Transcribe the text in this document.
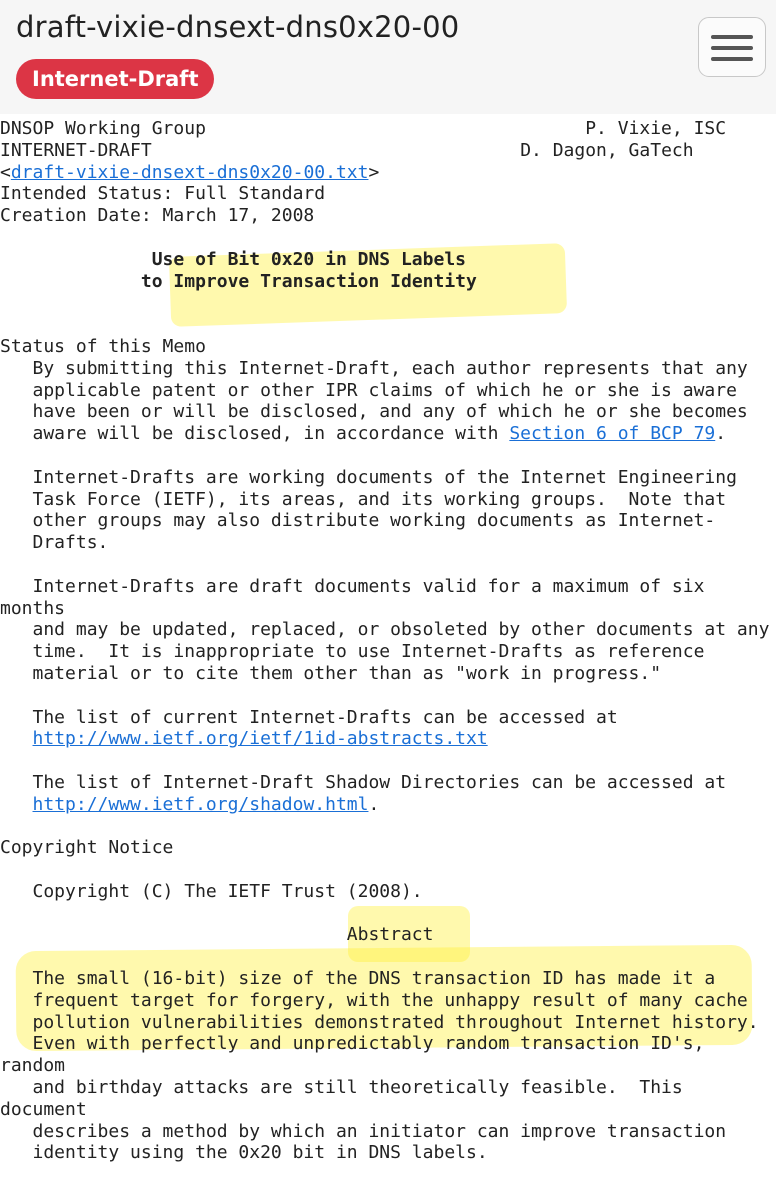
draft-vixie-dnsext-dns0x20-00
Internet-Draft
DNSOP Working Group	P. Vixie, ISC
INTERNET-DRAFT	D. Dagon, GaTech
<draft-vixie-dnsext-dns0x20-00.txt>
Intended Status: Full Standard
Creation Date: March 17, 2008

Use of Bit 0x20 in DNS Labels
to Improve Transaction Identity

Status of this Memo
By submitting this Internet-Draft, each author represents that any
applicable patent or other IPR claims of which he or she is aware
have been or will be disclosed, and any of which he or she becomes
aware will be disclosed, in accordance with Section 6 of BCP 79.

Internet-Drafts are working documents of the Internet Engineering
Task Force (IETF), its areas, and its working groups.  Note that
other groups may also distribute working documents as Internet-
Drafts.

Internet-Drafts are draft documents valid for a maximum of six
months
and may be updated, replaced, or obsoleted by other documents at any
time.  It is inappropriate to use Internet-Drafts as reference
material or to cite them other than as "work in progress."

The list of current Internet-Drafts can be accessed at
http://www.ietf.org/ietf/1id-abstracts.txt

The list of Internet-Draft Shadow Directories can be accessed at
http://www.ietf.org/shadow.html.

Copyright Notice

Copyright (C) The IETF Trust (2008).

Abstract

The small (16-bit) size of the DNS transaction ID has made it a
frequent target for forgery, with the unhappy result of many cache
pollution vulnerabilities demonstrated throughout Internet history.
Even with perfectly and unpredictably random transaction ID's,
random
and birthday attacks are still theoretically feasible.  This
document
describes a method by which an initiator can improve transaction
identity using the 0x20 bit in DNS labels.
